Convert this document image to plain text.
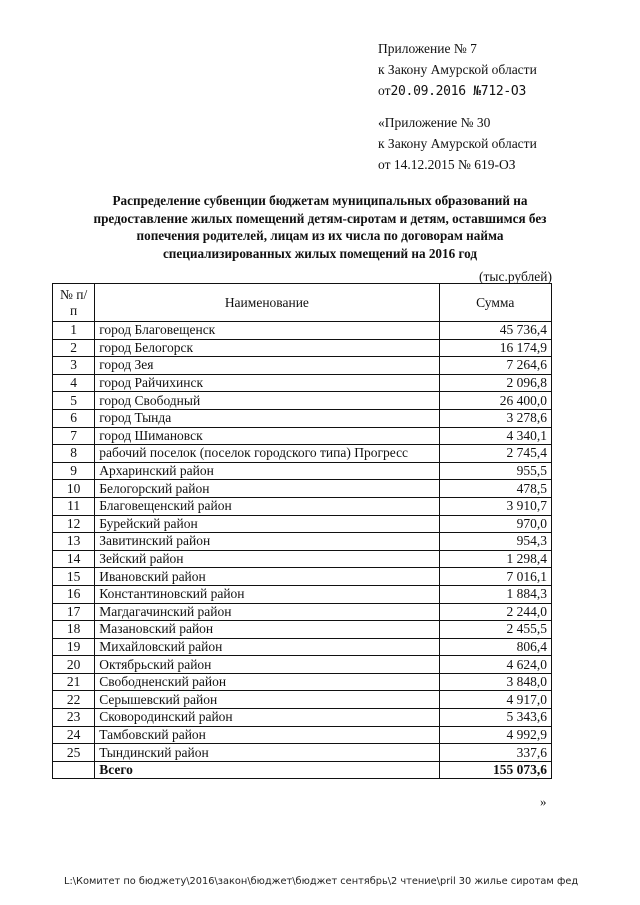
Приложение № 7
к Закону Амурской области
от20.09.2016 №712-ОЗ
«Приложение № 30
к Закону Амурской области
от 14.12.2015 № 619-ОЗ
Распределение субвенции бюджетам муниципальных образований на предоставление жилых помещений детям-сиротам и детям, оставшимся без попечения родителей, лицам из их числа по договорам найма специализированных жилых помещений на 2016 год
(тыс.рублей)
№ п/п	Наименование	Сумма
1	город Благовещенск	45 736,4
2	город Белогорск	16 174,9
3	город Зея	7 264,6
4	город Райчихинск	2 096,8
5	город Свободный	26 400,0
6	город Тында	3 278,6
7	город Шимановск	4 340,1
8	рабочий поселок (поселок городского типа) Прогресс	2 745,4
9	Архаринский район	955,5
10	Белогорский район	478,5
11	Благовещенский район	3 910,7
12	Бурейский район	970,0
13	Завитинский район	954,3
14	Зейский район	1 298,4
15	Ивановский район	7 016,1
16	Константиновский район	1 884,3
17	Магдагачинский район	2 244,0
18	Мазановский район	2 455,5
19	Михайловский район	806,4
20	Октябрьский район	4 624,0
21	Свободненский район	3 848,0
22	Серышевский район	4 917,0
23	Сковородинский район	5 343,6
24	Тамбовский район	4 992,9
25	Тындинский район	337,6
	Всего	155 073,6
»
L:\Комитет по бюджету\2016\закон\бюджет\бюджет сентябрь\2 чтение\pril 30 жилье сиротам фед
